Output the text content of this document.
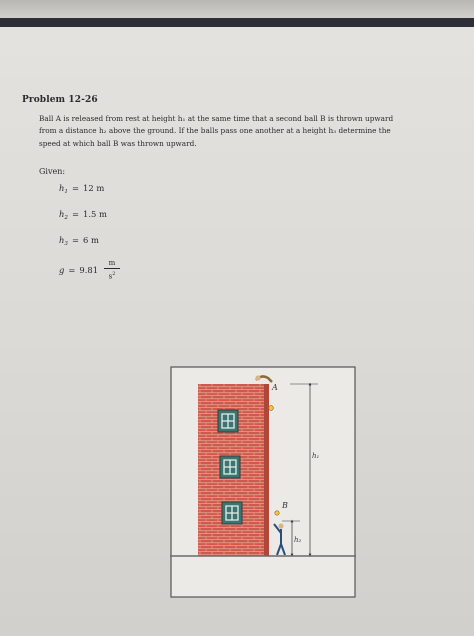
Problem 12-26
Ball A is released from rest at height h₁ at the same time that a second ball B is thrown upward
from a distance h₂ above the ground. If the balls pass one another at a height h₃ determine the
speed at which ball B was thrown upward.
Given:
$h_1 = 12$ m
$h_2 = 1.5$ m
$h_3 = 6$ m
$g = 9.81 \frac{m}{s^2}$
A
B
h₁
h₂
